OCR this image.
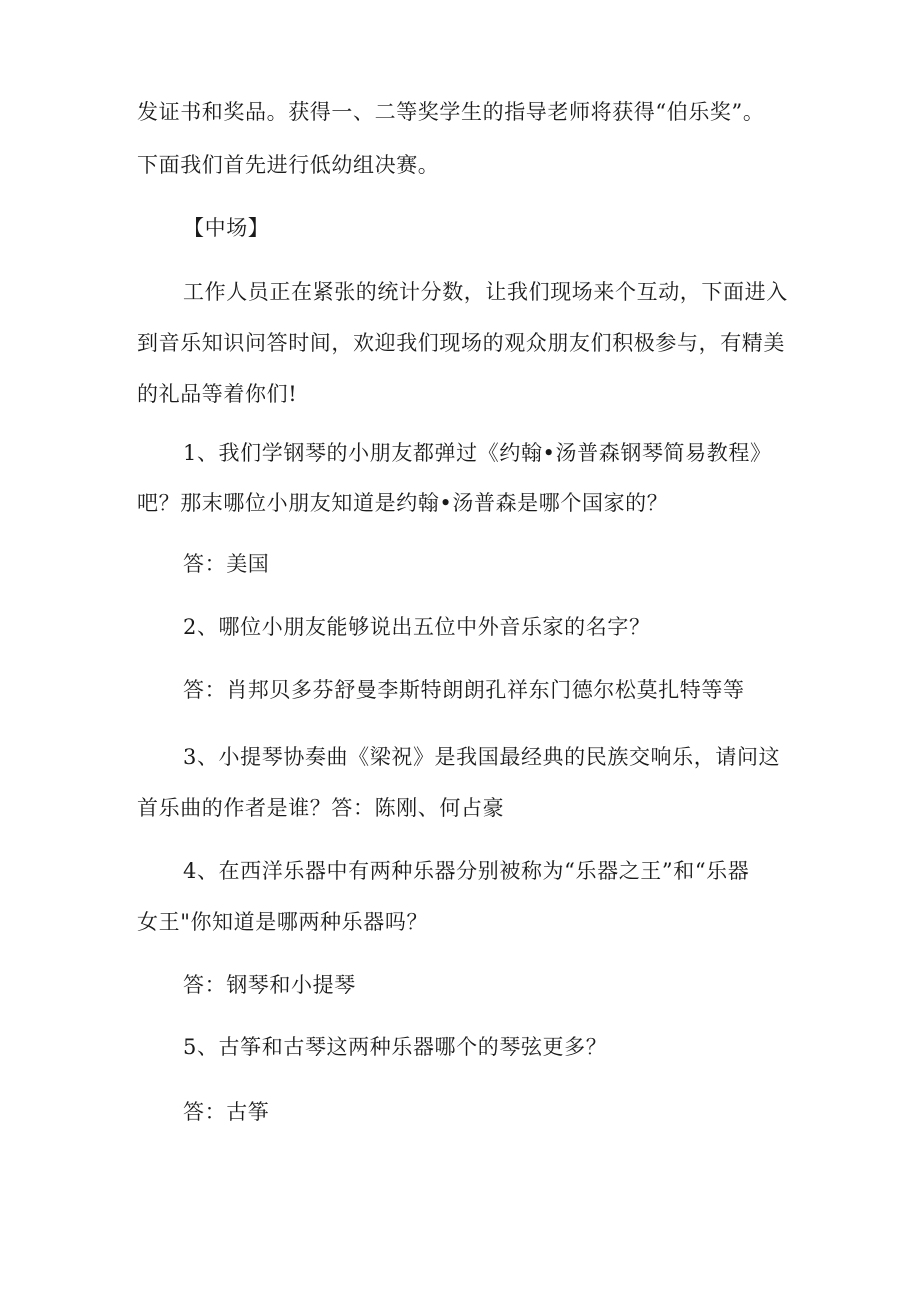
发证书和奖品。获得一、二等奖学生的指导老师将获得“伯乐奖”。
下面我们首先进行低幼组决赛。
【中场】
工作人员正在紧张的统计分数，让我们现场来个互动，下面进入
到音乐知识问答时间，欢迎我们现场的观众朋友们积极参与，有精美
的礼品等着你们!
1、我们学钢琴的小朋友都弹过《约翰•汤普森钢琴简易教程》
吧？那末哪位小朋友知道是约翰•汤普森是哪个国家的？
答：美国
2、哪位小朋友能够说出五位中外音乐家的名字？
答：肖邦贝多芬舒曼李斯特朗朗孔祥东门德尔松莫扎特等等
3、小提琴协奏曲《梁祝》是我国最经典的民族交响乐，请问这
首乐曲的作者是谁？答：陈刚、何占豪
4、在西洋乐器中有两种乐器分别被称为“乐器之王”和“乐器
女王"你知道是哪两种乐器吗？
答：钢琴和小提琴
5、古筝和古琴这两种乐器哪个的琴弦更多？
答：古筝
